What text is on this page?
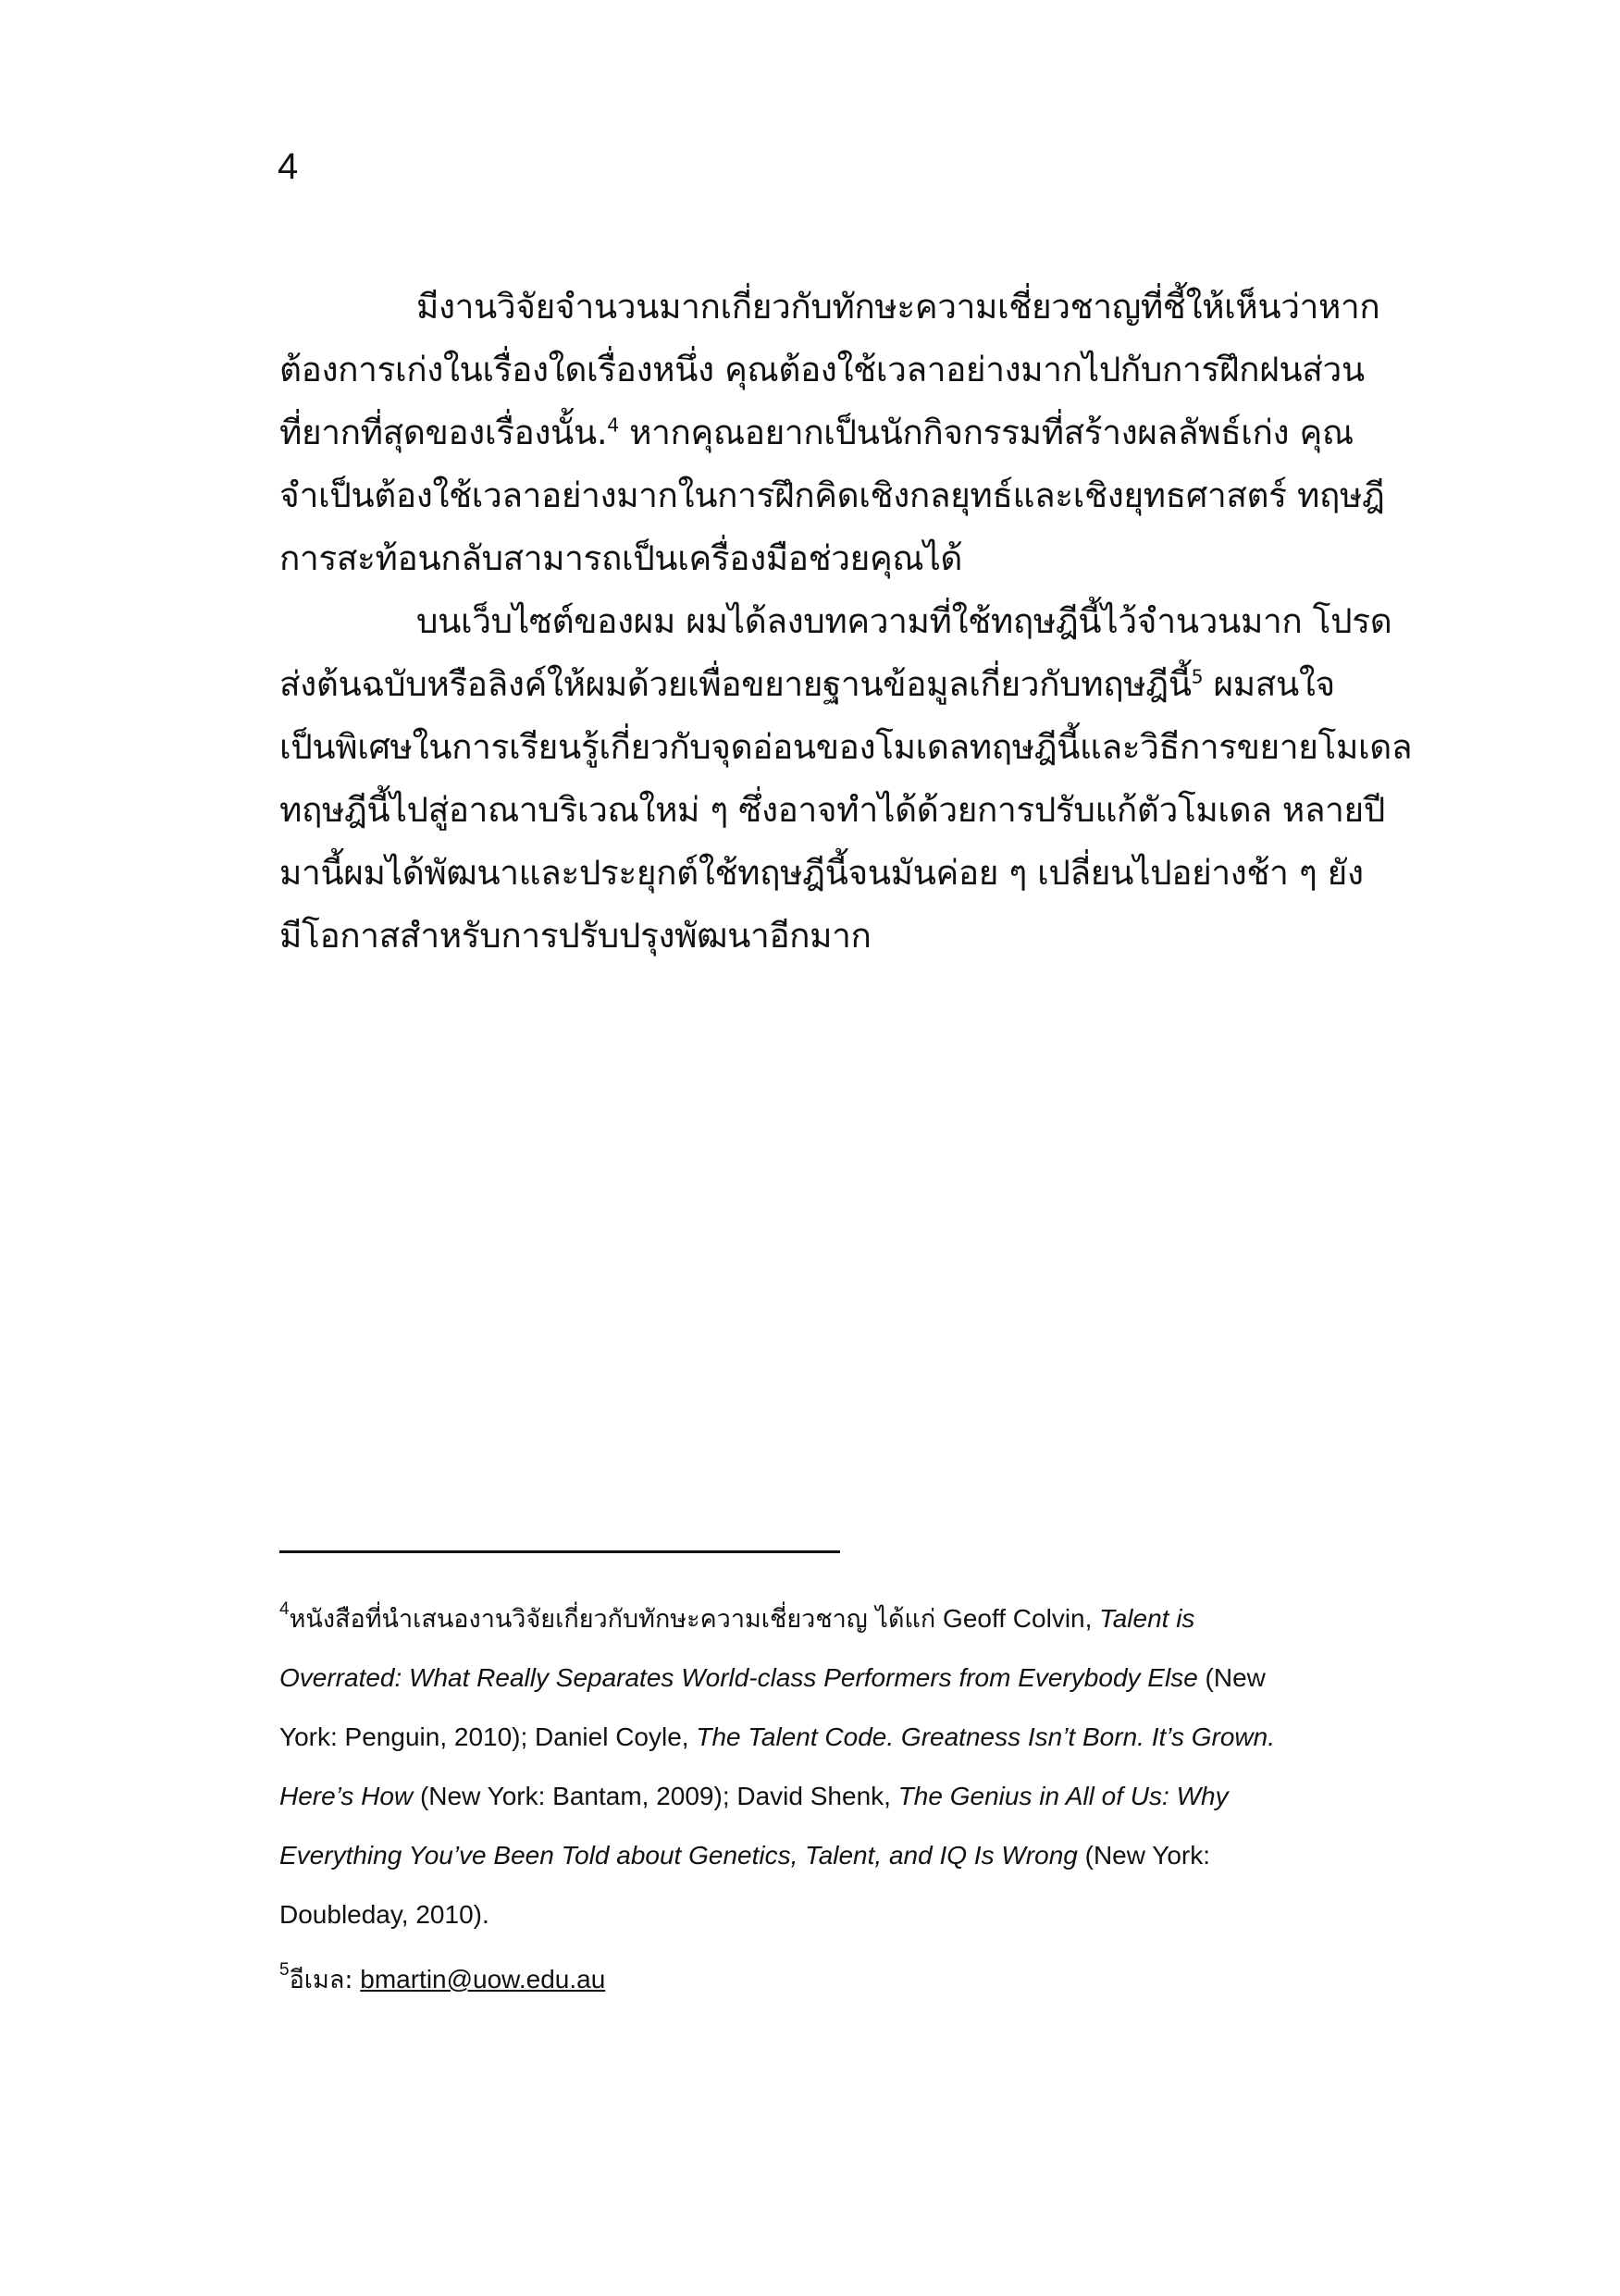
4
มีงานวิจัยจำนวนมากเกี่ยวกับทักษะความเชี่ยวชาญที่ชี้ให้เห็นว่าหาก
ต้องการเก่งในเรื่องใดเรื่องหนึ่ง คุณต้องใช้เวลาอย่างมากไปกับการฝึกฝนส่วน
ที่ยากที่สุดของเรื่องนั้น.$^4$ หากคุณอยากเป็นนักกิจกรรมที่สร้างผลลัพธ์เก่ง คุณ
จำเป็นต้องใช้เวลาอย่างมากในการฝึกคิดเชิงกลยุทธ์และเชิงยุทธศาสตร์ ทฤษฎี
การสะท้อนกลับสามารถเป็นเครื่องมือช่วยคุณได้
บนเว็บไซต์ของผม ผมได้ลงบทความที่ใช้ทฤษฎีนี้ไว้จำนวนมาก โปรด
ส่งต้นฉบับหรือลิงค์ให้ผมด้วยเพื่อขยายฐานข้อมูลเกี่ยวกับทฤษฎีนี้$^5$ ผมสนใจ
เป็นพิเศษในการเรียนรู้เกี่ยวกับจุดอ่อนของโมเดลทฤษฎีนี้และวิธีการขยายโมเดล
ทฤษฎีนี้ไปสู่อาณาบริเวณใหม่ ๆ ซึ่งอาจทำได้ด้วยการปรับแก้ตัวโมเดล หลายปี
มานี้ผมได้พัฒนาและประยุกต์ใช้ทฤษฎีนี้จนมันค่อย ๆ เปลี่ยนไปอย่างช้า ๆ ยัง
มีโอกาสสำหรับการปรับปรุงพัฒนาอีกมาก
$^4$หนังสือที่นำเสนองานวิจัยเกี่ยวกับทักษะความเชี่ยวชาญ ได้แก่ Geoff Colvin, Talent is
Overrated: What Really Separates World-class Performers from Everybody Else (New
York: Penguin, 2010); Daniel Coyle, The Talent Code. Greatness Isn’t Born. It’s Grown.
Here’s How (New York: Bantam, 2009); David Shenk, The Genius in All of Us: Why
Everything You’ve Been Told about Genetics, Talent, and IQ Is Wrong (New York:
Doubleday, 2010).
$^5$อีเมล: bmartin@uow.edu.au
